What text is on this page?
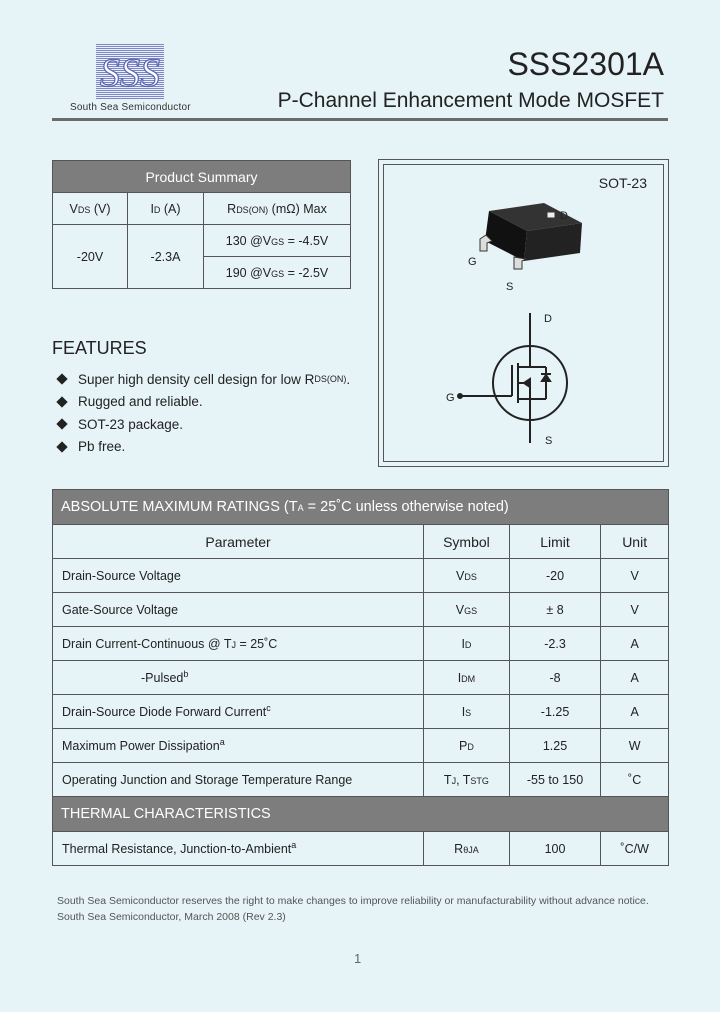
SSS
South Sea Semiconductor
SSS2301A
P-Channel Enhancement Mode MOSFET
Product Summary		
VDS (V)	ID (A)	RDS(ON) (mΩ) Max
-20V	-2.3A	130 @VGS = -4.5V
		190 @VGS = -2.5V
SOT-23
D
G
S
D
G
S
FEATURES
Super high density cell design for low R DS(ON) .
Rugged and reliable.
SOT-23 package.
Pb free.
ABSOLUTE MAXIMUM RATINGS (TA = 25˚C unless otherwise noted)			
Parameter	Symbol	Limit	Unit
Drain-Source Voltage	VDS	-20	V
Gate-Source Voltage	VGS	± 8	V
Drain Current-Continuous @ TJ = 25˚C	ID	-2.3	A
-Pulsed$^b$	IDM	-8	A
Drain-Source Diode Forward Current$^c$	IS	-1.25	A
Maximum Power Dissipation$^a$	PD	1.25	W
Operating Junction and Storage Temperature Range	TJ, TSTG	-55 to 150	˚C
THERMAL CHARACTERISTICS			
Thermal Resistance, Junction-to-Ambient$^a$	RθJA	100	˚C/W
South Sea Semiconductor reserves the right to make changes to improve reliability or manufacturability without advance notice.
South Sea Semiconductor, March 2008 (Rev 2.3)
1
